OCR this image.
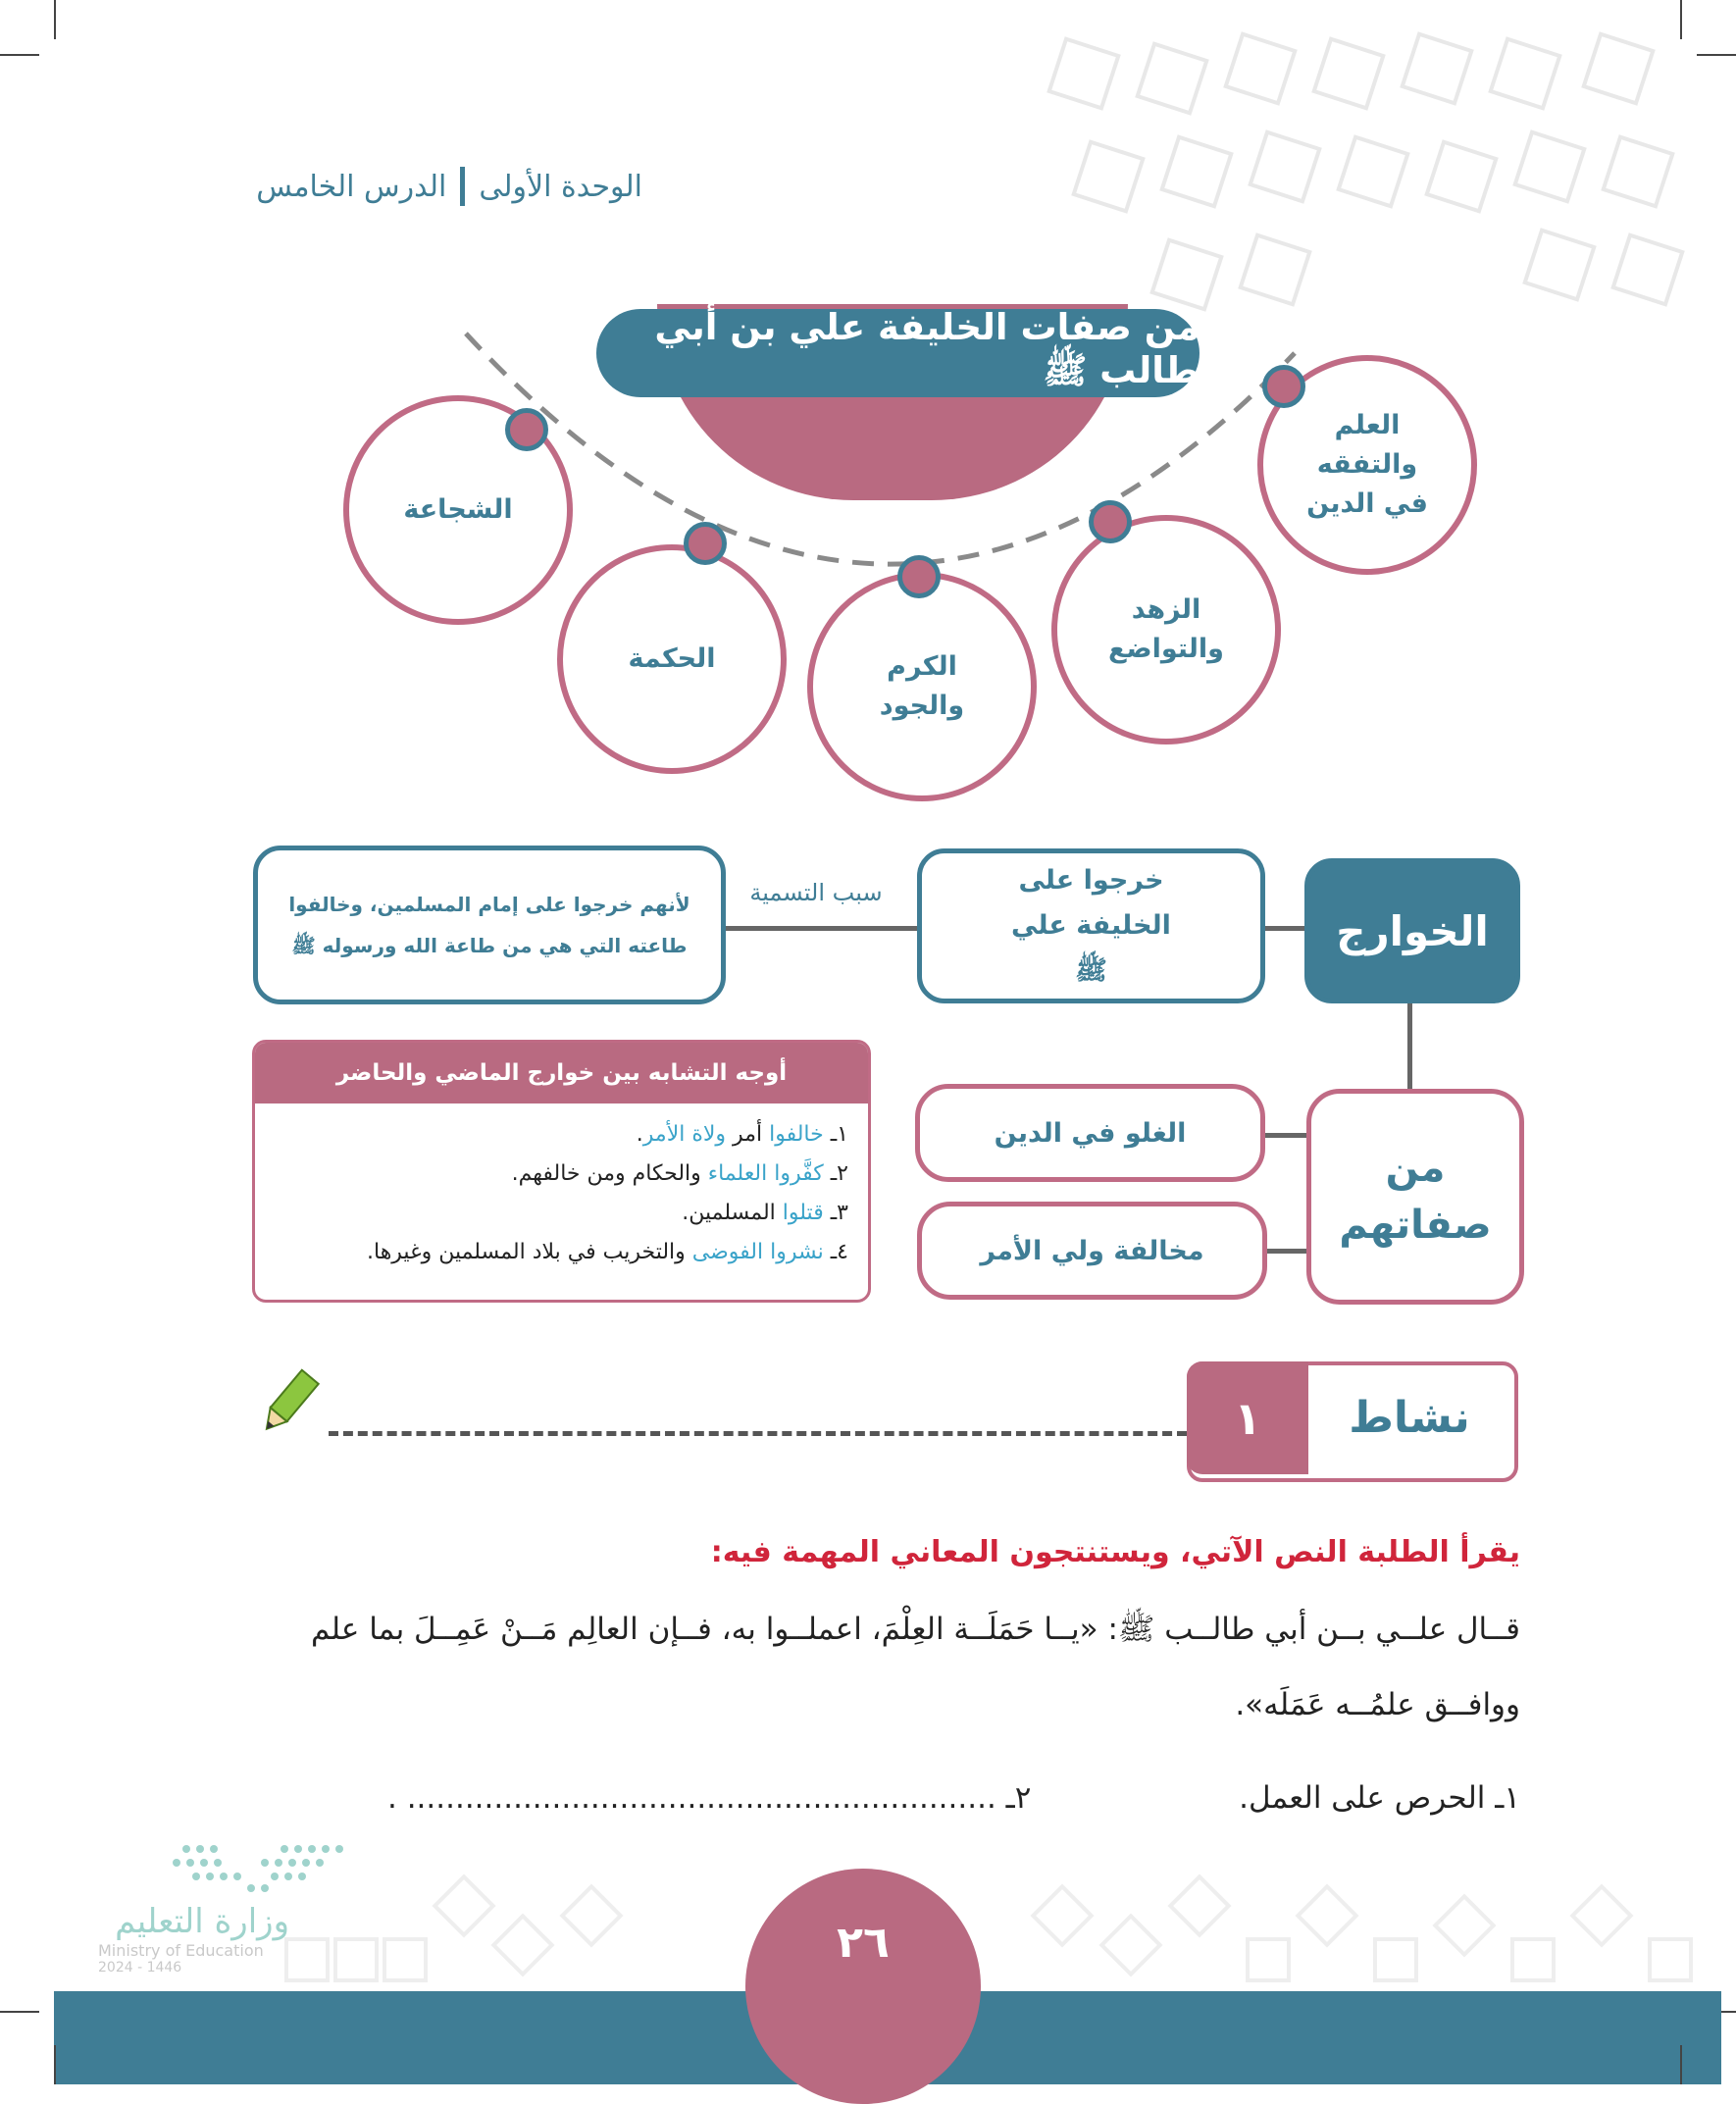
الوحدة الأولى
الدرس الخامس
من صفات الخليفة علي بن أبي طالب ﷺ
العلم والتفقه في الدين
الزهد والتواضع
الكرم والجود
الحكمة
الشجاعة
الخوارج
خرجوا على الخليفة علي ﷺ
سبب التسمية
لأنهم خرجوا على إمام المسلمين، وخالفوا طاعته التي هي من طاعة الله ورسوله ﷺ
من صفاتهم
الغلو في الدين
مخالفة ولي الأمر
أوجه التشابه بين خوارج الماضي والحاضر
١ـ خالفوا أمر ولاة الأمر.
٢ـ كفَّروا العلماء والحكام ومن خالفهم.
٣ـ قتلوا المسلمين.
٤ـ نشروا الفوضى والتخريب في بلاد المسلمين وغيرها.
١	نشاط
يقرأ الطلبة النص الآتي، ويستنتجون المعاني المهمة فيه:
قــال علــي بــن أبي طالــب ﷺ: «يــا حَمَلَــة العِلْمَ، اعملــوا به، فــإن العالِم مَــنْ عَمِــلَ بما علم
ووافــق علمُــه عَمَلَه».
١ـ الحرص على العمل.
٢ـ ............................................................. .
وزارة التعليم
Ministry of Education
2024 - 1446	٢٦
